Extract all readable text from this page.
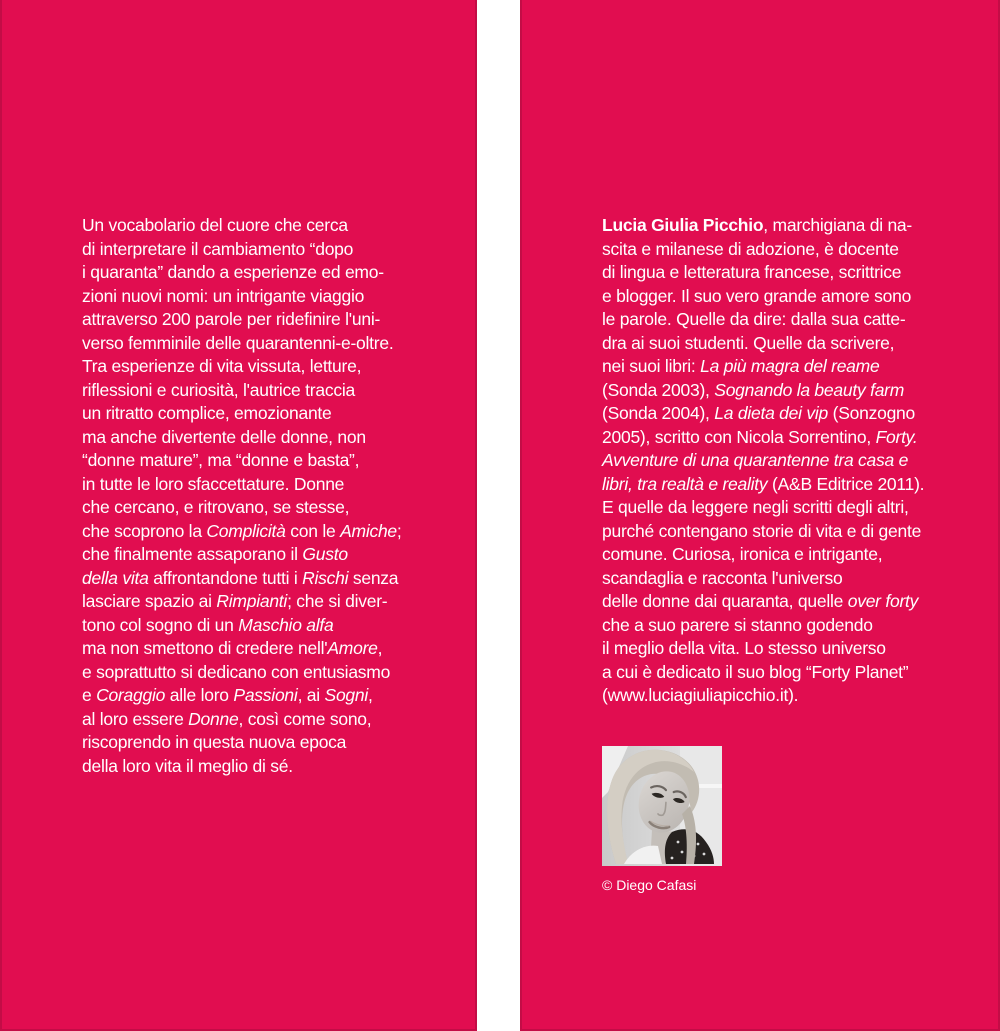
Un vocabolario del cuore che cerca
di interpretare il cambiamento “dopo
i quaranta” dando a esperienze ed emo-
zioni nuovi nomi: un intrigante viaggio
attraverso 200 parole per ridefinire l'uni-
verso femminile delle quarantenni-e-oltre.
Tra esperienze di vita vissuta, letture,
riflessioni e curiosità, l'autrice traccia
un ritratto complice, emozionante
ma anche divertente delle donne, non
“donne mature”, ma “donne e basta”,
in tutte le loro sfaccettature. Donne
che cercano, e ritrovano, se stesse,
che scoprono la Complicità con le Amiche;
che finalmente assaporano il Gusto
della vita affrontandone tutti i Rischi senza
lasciare spazio ai Rimpianti; che si diver-
tono col sogno di un Maschio alfa
ma non smettono di credere nell'Amore,
e soprattutto si dedicano con entusiasmo
e Coraggio alle loro Passioni, ai Sogni,
al loro essere Donne, così come sono,
riscoprendo in questa nuova epoca
della loro vita il meglio di sé.
Lucia Giulia Picchio, marchigiana di na-
scita e milanese di adozione, è docente
di lingua e letteratura francese, scrittrice
e blogger. Il suo vero grande amore sono
le parole. Quelle da dire: dalla sua catte-
dra ai suoi studenti. Quelle da scrivere,
nei suoi libri: La più magra del reame
(Sonda 2003), Sognando la beauty farm
(Sonda 2004), La dieta dei vip (Sonzogno
2005), scritto con Nicola Sorrentino, Forty.
Avventure di una quarantenne tra casa e
libri, tra realtà e reality (A&B Editrice 2011).
E quelle da leggere negli scritti degli altri,
purché contengano storie di vita e di gente
comune. Curiosa, ironica e intrigante,
scandaglia e racconta l'universo
delle donne dai quaranta, quelle over forty
che a suo parere si stanno godendo
il meglio della vita. Lo stesso universo
a cui è dedicato il suo blog “Forty Planet”
(www.luciagiuliapicchio.it).
© Diego Cafasi
